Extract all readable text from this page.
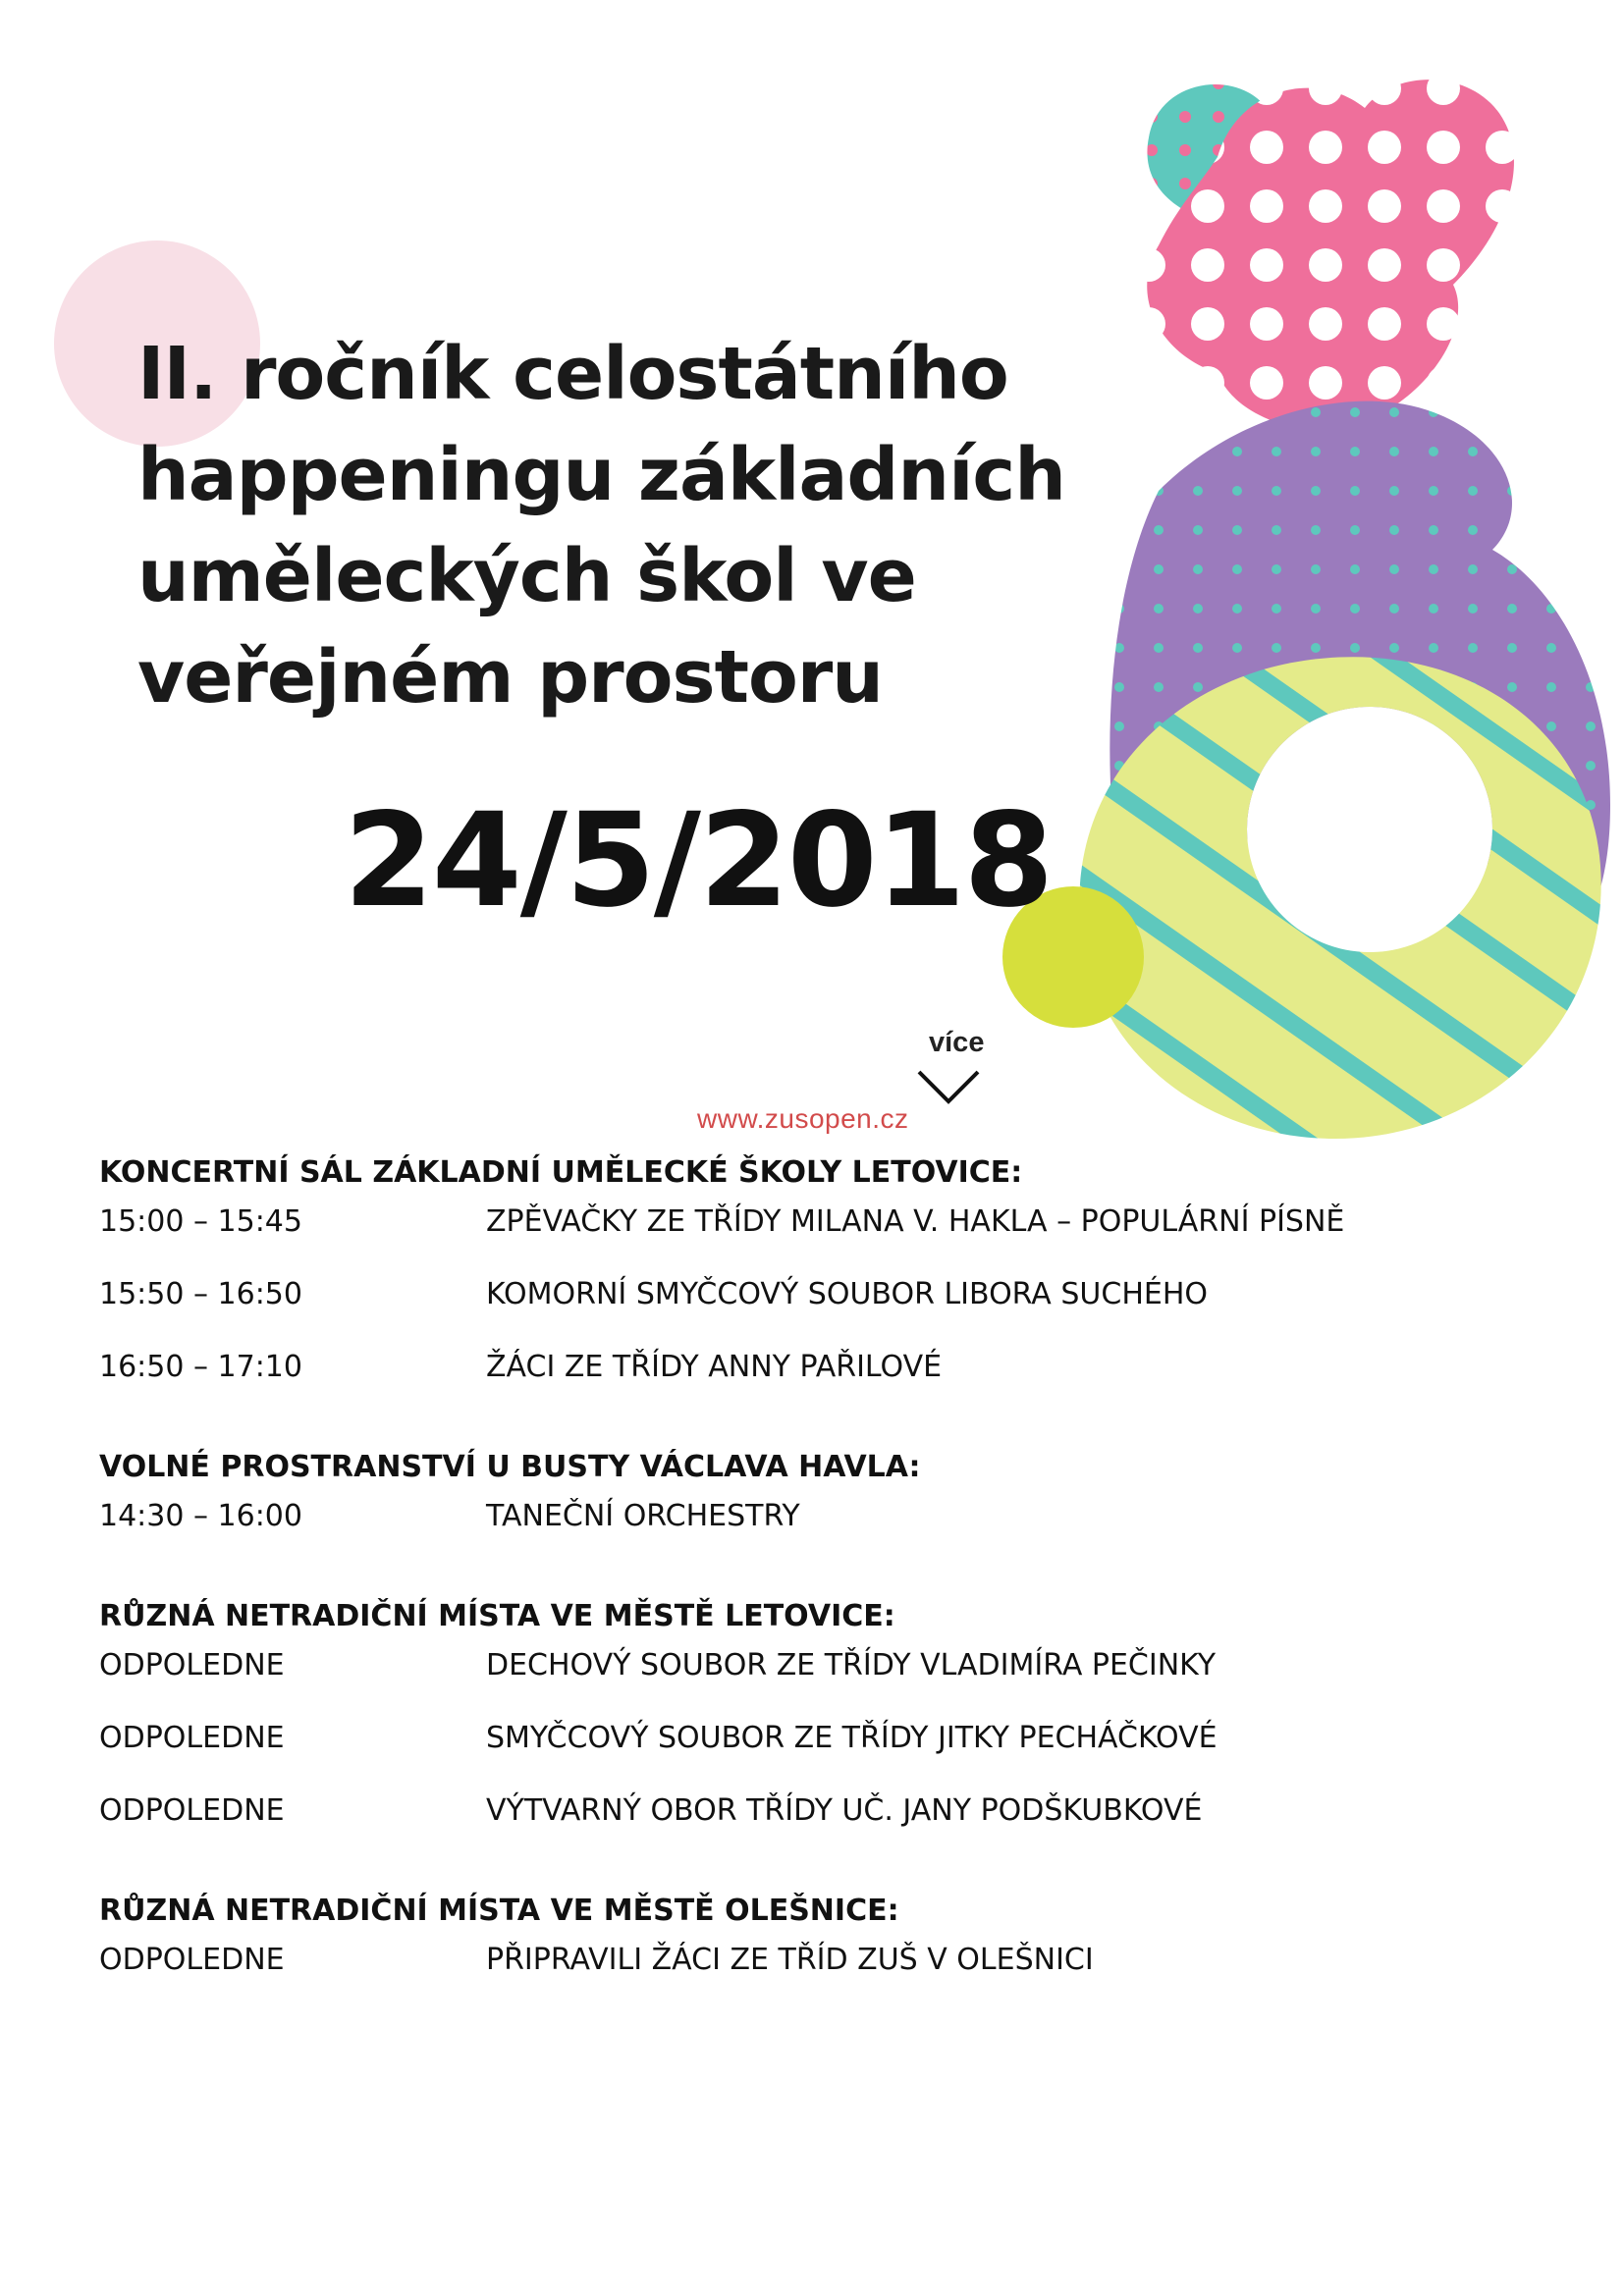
II. ročník celostátního
happeningu základních
uměleckých škol ve
veřejném prostoru
24/5/2018
více
www.zusopen.cz
KONCERTNÍ SÁL ZÁKLADNÍ UMĚLECKÉ ŠKOLY LETOVICE:
15:00 – 15:45	ZPĚVAČKY ZE TŘÍDY MILANA V. HAKLA – POPULÁRNÍ PÍSNĚ
15:50 – 16:50	KOMORNÍ SMYČCOVÝ SOUBOR LIBORA SUCHÉHO
16:50 – 17:10	ŽÁCI ZE TŘÍDY ANNY PAŘILOVÉ
VOLNÉ PROSTRANSTVÍ U BUSTY VÁCLAVA HAVLA:
14:30 – 16:00	TANEČNÍ ORCHESTRY
RŮZNÁ NETRADIČNÍ MÍSTA VE MĚSTĚ LETOVICE:
ODPOLEDNE	DECHOVÝ SOUBOR ZE TŘÍDY VLADIMÍRA PEČINKY
ODPOLEDNE	SMYČCOVÝ SOUBOR ZE TŘÍDY JITKY PECHÁČKOVÉ
ODPOLEDNE	VÝTVARNÝ OBOR TŘÍDY UČ. JANY PODŠKUBKOVÉ
RŮZNÁ NETRADIČNÍ MÍSTA VE MĚSTĚ OLEŠNICE:
ODPOLEDNE	PŘIPRAVILI ŽÁCI ZE TŘÍD ZUŠ V OLEŠNICI
